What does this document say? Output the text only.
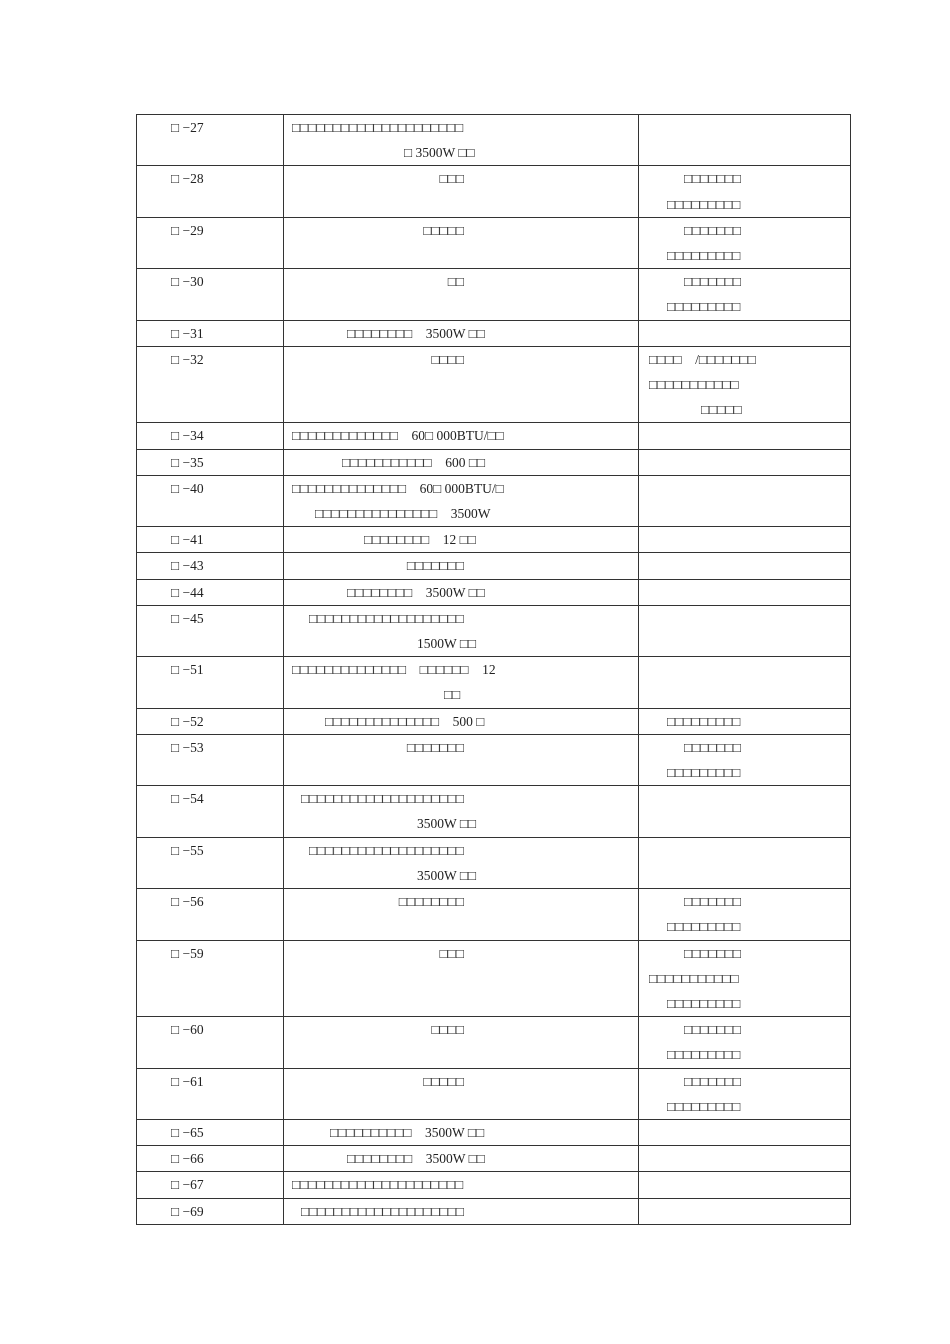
□ −27	□□□□□□□□□□□□□□□□□□□□□
□ 3500W □□	

□ −28	□□□	□□□□□□□
□□□□□□□□□

□ −29	□□□□□	□□□□□□□
□□□□□□□□□

□ −30	□□	□□□□□□□
□□□□□□□□□

□ −31	□□□□□□□□    3500W □□	

□ −32	□□□□	□□□□    /□□□□□□□
□□□□□□□□□□□
□□□□□

□ −34	□□□□□□□□□□□□□    60□ 000BTU/□□	

□ −35	□□□□□□□□□□□    600 □□	

□ −40	□□□□□□□□□□□□□□    60□ 000BTU/□
□□□□□□□□□□□□□□□    3500W	

□ −41	□□□□□□□□    12 □□	

□ −43	□□□□□□□	

□ −44	□□□□□□□□    3500W □□	

□ −45	□□□□□□□□□□□□□□□□□□□
1500W □□	

□ −51	□□□□□□□□□□□□□□    □□□□□□    12
□□	

□ −52	□□□□□□□□□□□□□□    500 □	□□□□□□□□□

□ −53	□□□□□□□	□□□□□□□
□□□□□□□□□

□ −54	□□□□□□□□□□□□□□□□□□□□
3500W □□	

□ −55	□□□□□□□□□□□□□□□□□□□
3500W □□	

□ −56	□□□□□□□□	□□□□□□□
□□□□□□□□□

□ −59	□□□	□□□□□□□
□□□□□□□□□□□
□□□□□□□□□

□ −60	□□□□	□□□□□□□
□□□□□□□□□

□ −61	□□□□□	□□□□□□□
□□□□□□□□□

□ −65	□□□□□□□□□□    3500W □□	

□ −66	□□□□□□□□    3500W □□	

□ −67	□□□□□□□□□□□□□□□□□□□□□	

□ −69	□□□□□□□□□□□□□□□□□□□□	
